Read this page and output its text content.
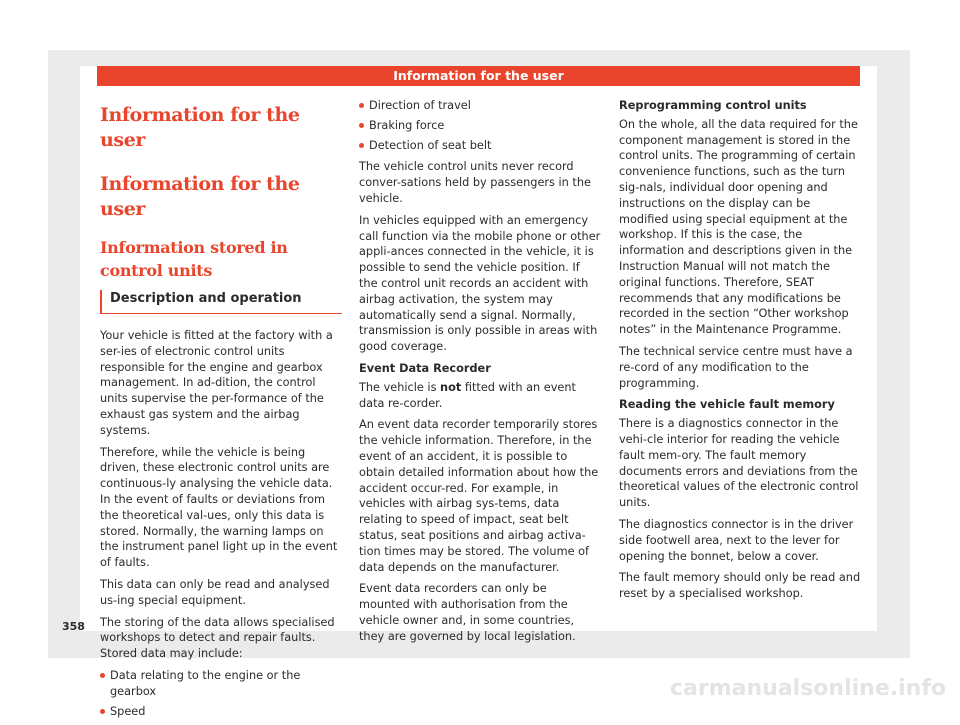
Information for the user
Information for the user
Information for the user
Information stored in control units
Description and operation

Your vehicle is fitted at the factory with a ser-ies of electronic control units responsible for the engine and gearbox management. In ad-dition, the control units supervise the per-formance of the exhaust gas system and the airbag systems.

Therefore, while the vehicle is being driven, these electronic control units are continuous-ly analysing the vehicle data. In the event of faults or deviations from the theoretical val-ues, only this data is stored. Normally, the warning lamps on the instrument panel light up in the event of faults.

This data can only be read and analysed us-ing special equipment.

The storing of the data allows specialised workshops to detect and repair faults. Stored data may include:

Data relating to the engine or the gearbox
Speed
Direction of travel
Braking force
Detection of seat belt

The vehicle control units never record conver-sations held by passengers in the vehicle.

In vehicles equipped with an emergency call function via the mobile phone or other appli-ances connected in the vehicle, it is possible to send the vehicle position. If the control unit records an accident with airbag activation, the system may automatically send a signal. Normally, transmission is only possible in areas with good coverage.

Event Data Recorder

The vehicle is not fitted with an event data re-corder.

An event data recorder temporarily stores the vehicle information. Therefore, in the event of an accident, it is possible to obtain detailed information about how the accident occur-red. For example, in vehicles with airbag sys-tems, data relating to speed of impact, seat belt status, seat positions and airbag activa-tion times may be stored. The volume of data depends on the manufacturer.

Event data recorders can only be mounted with authorisation from the vehicle owner and, in some countries, they are governed by local legislation.

Reprogramming control units

On the whole, all the data required for the component management is stored in the control units. The programming of certain convenience functions, such as the turn sig-nals, individual door opening and instructions on the display can be modified using special equipment at the workshop. If this is the case, the information and descriptions given in the Instruction Manual will not match the original functions. Therefore, SEAT recommends that any modifications be recorded in the section “Other workshop notes” in the Maintenance Programme.

The technical service centre must have a re-cord of any modification to the programming.

Reading the vehicle fault memory

There is a diagnostics connector in the vehi-cle interior for reading the vehicle fault mem-ory. The fault memory documents errors and deviations from the theoretical values of the electronic control units.

The diagnostics connector is in the driver side footwell area, next to the lever for opening the bonnet, below a cover.

The fault memory should only be read and reset by a specialised workshop.

358
carmanualsonline.info
